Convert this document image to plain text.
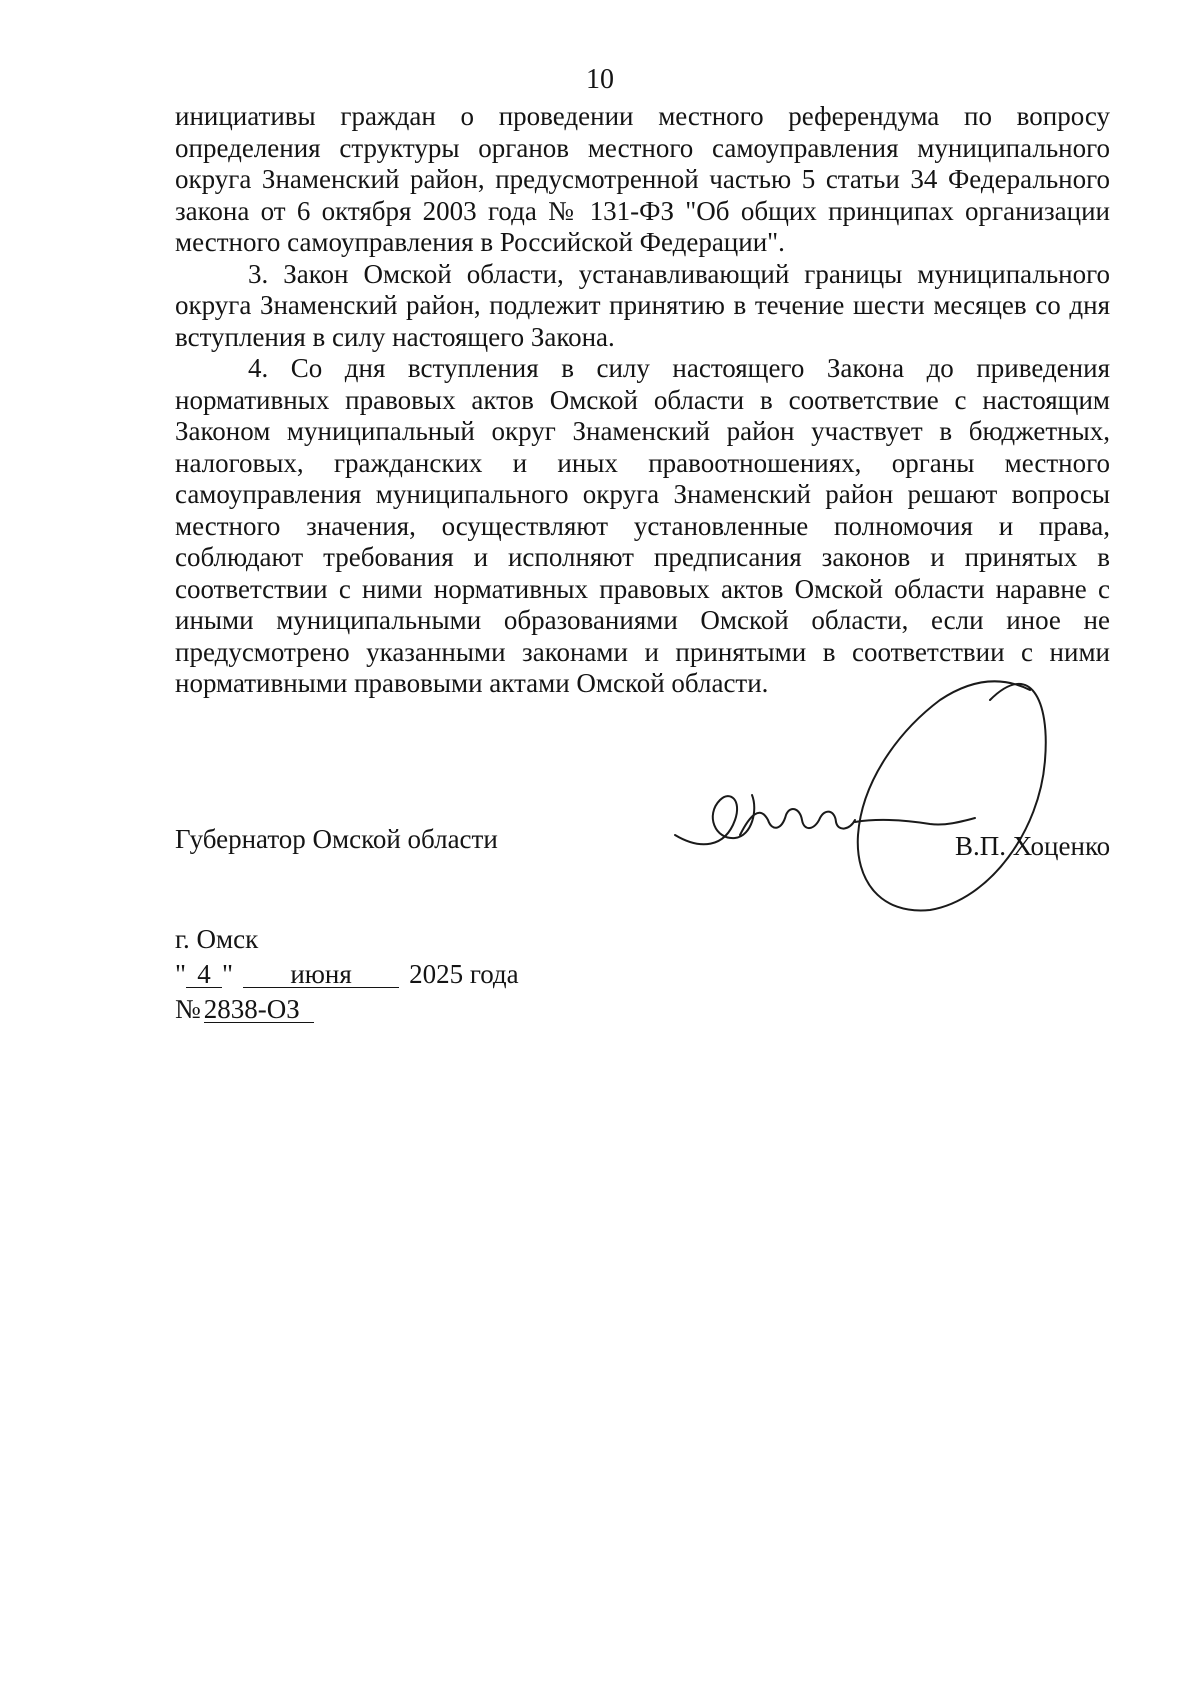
10

инициативы граждан о проведении местного референдума по вопросу определения структуры органов местного самоуправления муниципального округа Знаменский район, предусмотренной частью 5 статьи 34 Федерального закона от 6 октября 2003 года № 131-ФЗ "Об общих принципах организации местного самоуправления в Российской Федерации".

3. Закон Омской области, устанавливающий границы муниципального округа Знаменский район, подлежит принятию в течение шести месяцев со дня вступления в силу настоящего Закона.

4. Со дня вступления в силу настоящего Закона до приведения нормативных правовых актов Омской области в соответствие с настоящим Законом муниципальный округ Знаменский район участвует в бюджетных, налоговых, гражданских и иных правоотношениях, органы местного самоуправления муниципального округа Знаменский район решают вопросы местного значения, осуществляют установленные полномочия и права, соблюдают требования и исполняют предписания законов и принятых в соответствии с ними нормативных правовых актов Омской области наравне с иными муниципальными образованиями Омской области, если иное не предусмотрено указанными законами и принятыми в соответствии с ними нормативными правовыми актами Омской области.

Губернатор Омской области	В.П. Хоценко
г. Омск
" 4 " июня 2025 года
№ 2838-ОЗ
